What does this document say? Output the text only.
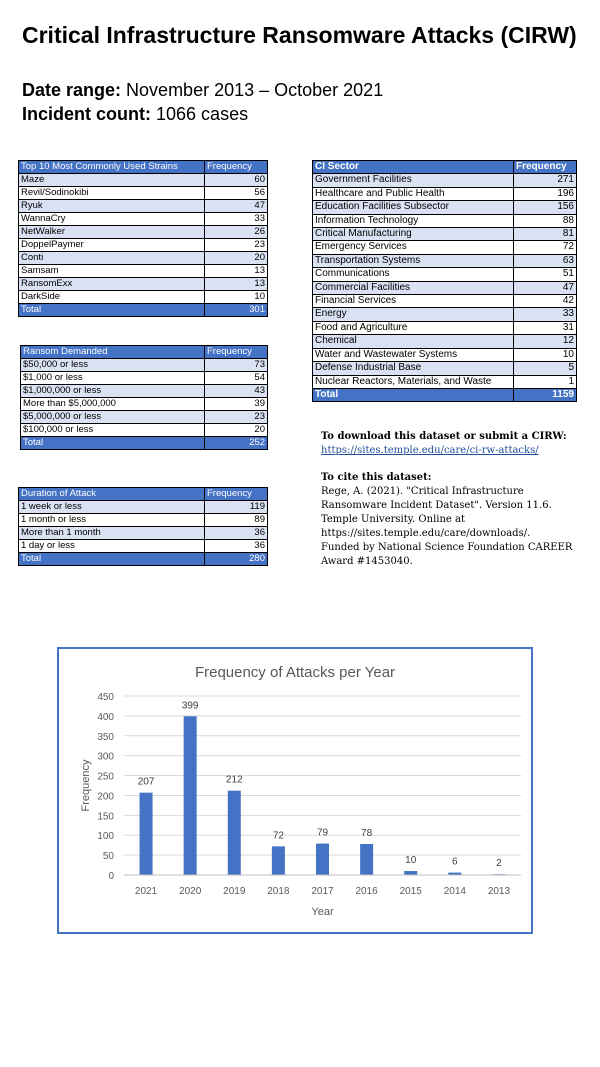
Critical Infrastructure Ransomware Attacks (CIRW)
Date range: November 2013 – October 2021
Incident count: 1066 cases
Top 10 Most Commonly Used Strains	Frequency
Maze	60
Revil/Sodinokibi	56
Ryuk	47
WannaCry	33
NetWalker	26
DoppelPaymer	23
Conti	20
Samsam	13
RansomExx	13
DarkSide	10
Total	301
Ransom Demanded	Frequency
$50,000 or less	73
$1,000 or less	54
$1,000,000 or less	43
More than $5,000,000	39
$5,000,000 or less	23
$100,000 or less	20
Total	252
Duration of Attack	Frequency
1 week or less	119
1 month or less	89
More than 1 month	36
1 day or less	36
Total	280
CI Sector	Frequency
Government Facilities	271
Healthcare and Public Health	196
Education Facilities Subsector	156
Information Technology	88
Critical Manufacturing	81
Emergency Services	72
Transportation Systems	63
Communications	51
Commercial Facilities	47
Financial Services	42
Energy	33
Food and Agriculture	31
Chemical	12
Water and Wastewater Systems	10
Defense Industrial Base	5
Nuclear Reactors, Materials, and Waste	1
Total	1159
To download this dataset or submit a CIRW:
https://sites.temple.edu/care/ci-rw-attacks/
To cite this dataset:
Rege, A. (2021). "Critical Infrastructure
Ransomware Incident Dataset". Version 11.6.
Temple University. Online at
https://sites.temple.edu/care/downloads/.
Funded by National Science Foundation CAREER
Award #1453040.
Frequency of Attacks per Year
0
50
100
150
200
250
300
350
400
450
Frequency	207
2021
399
2020
212
2019
72
2018
79
2017
78
2016
10
2015
6
2014
2
2013
Year
